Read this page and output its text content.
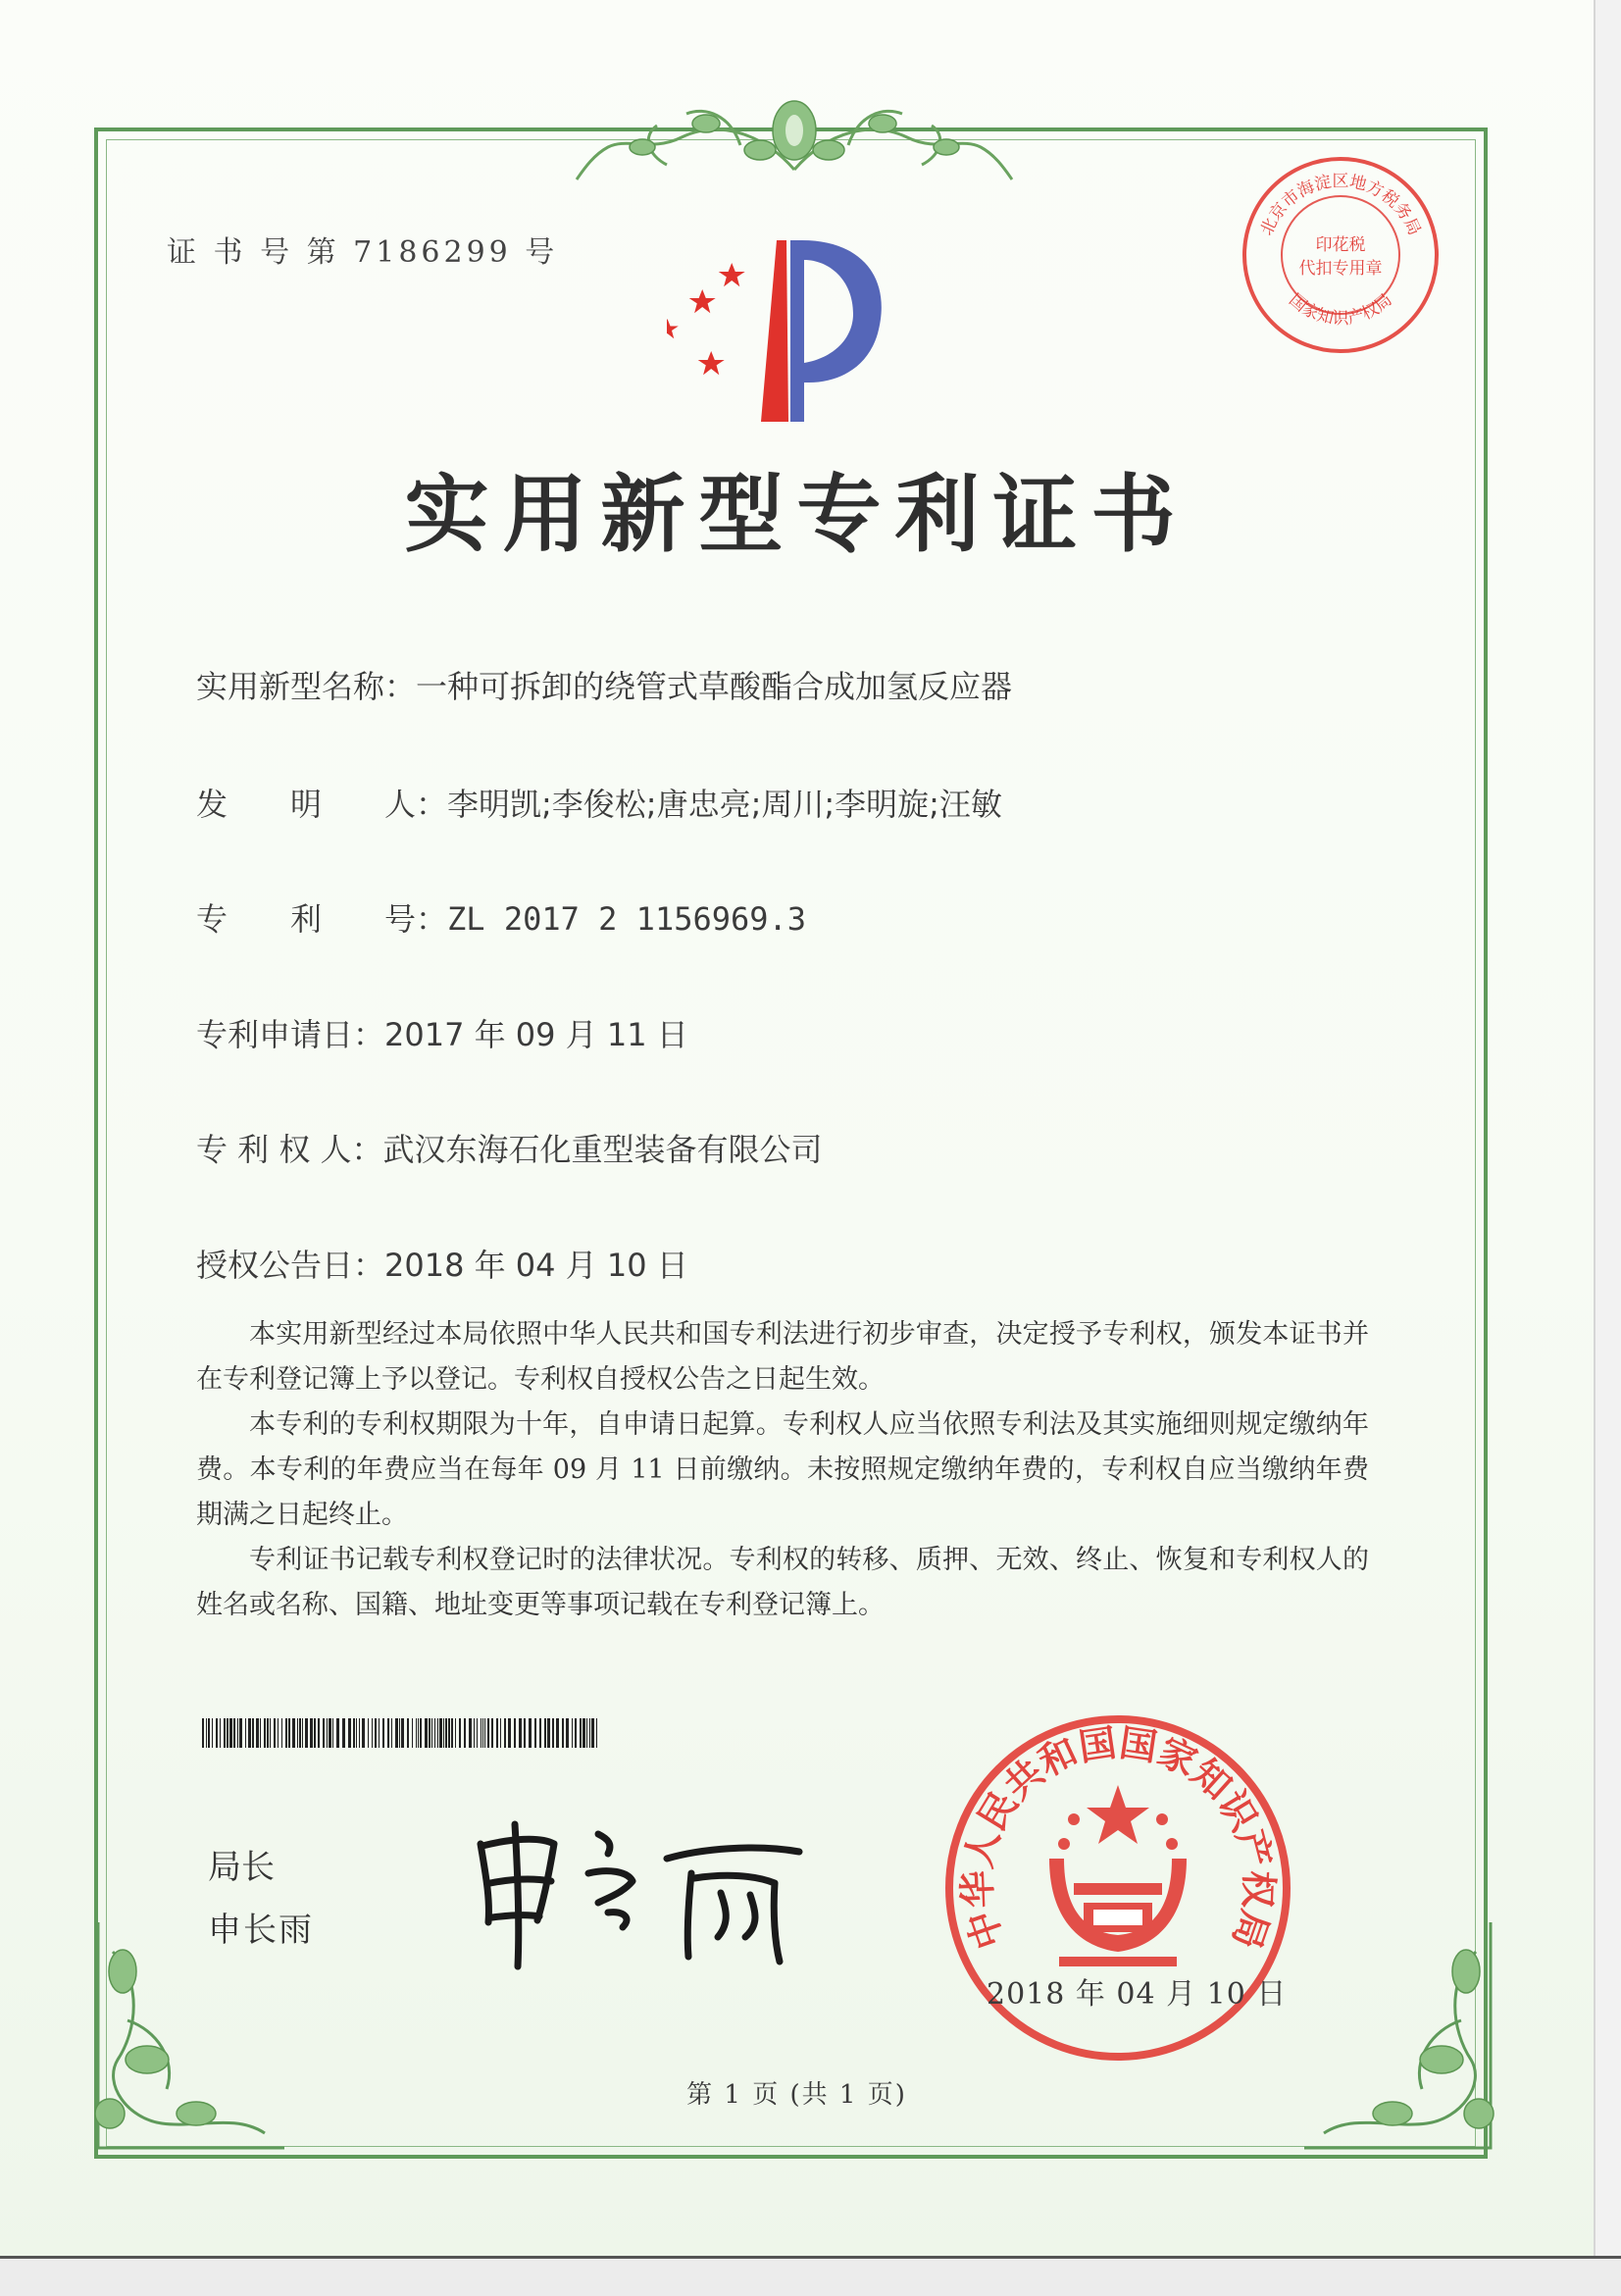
证 书 号 第 7186299 号
实用新型专利证书
实用新型名称：一种可拆卸的绕管式草酸酯合成加氢反应器
发　　明　　人：李明凯;李俊松;唐忠亮;周川;李明旋;汪敏
专　　利　　号：ZL 2017 2 1156969.3
专利申请日：2017 年 09 月 11 日
专 利 权 人：武汉东海石化重型装备有限公司
授权公告日：2018 年 04 月 10 日

本实用新型经过本局依照中华人民共和国专利法进行初步审查，决定授予专利权，颁发本证书并在专利登记簿上予以登记。专利权自授权公告之日起生效。

本专利的专利权期限为十年，自申请日起算。专利权人应当依照专利法及其实施细则规定缴纳年费。本专利的年费应当在每年 09 月 11 日前缴纳。未按照规定缴纳年费的，专利权自应当缴纳年费期满之日起终止。

专利证书记载专利权登记时的法律状况。专利权的转移、质押、无效、终止、恢复和专利权人的姓名或名称、国籍、地址变更等事项记载在专利登记簿上。

局长
申长雨	中华人民共和国国家知识产权局
2018 年 04 月 10 日
北京市海淀区地方税务局
国家知识产权局
印花税
代扣专用章
第 1 页 (共 1 页)
